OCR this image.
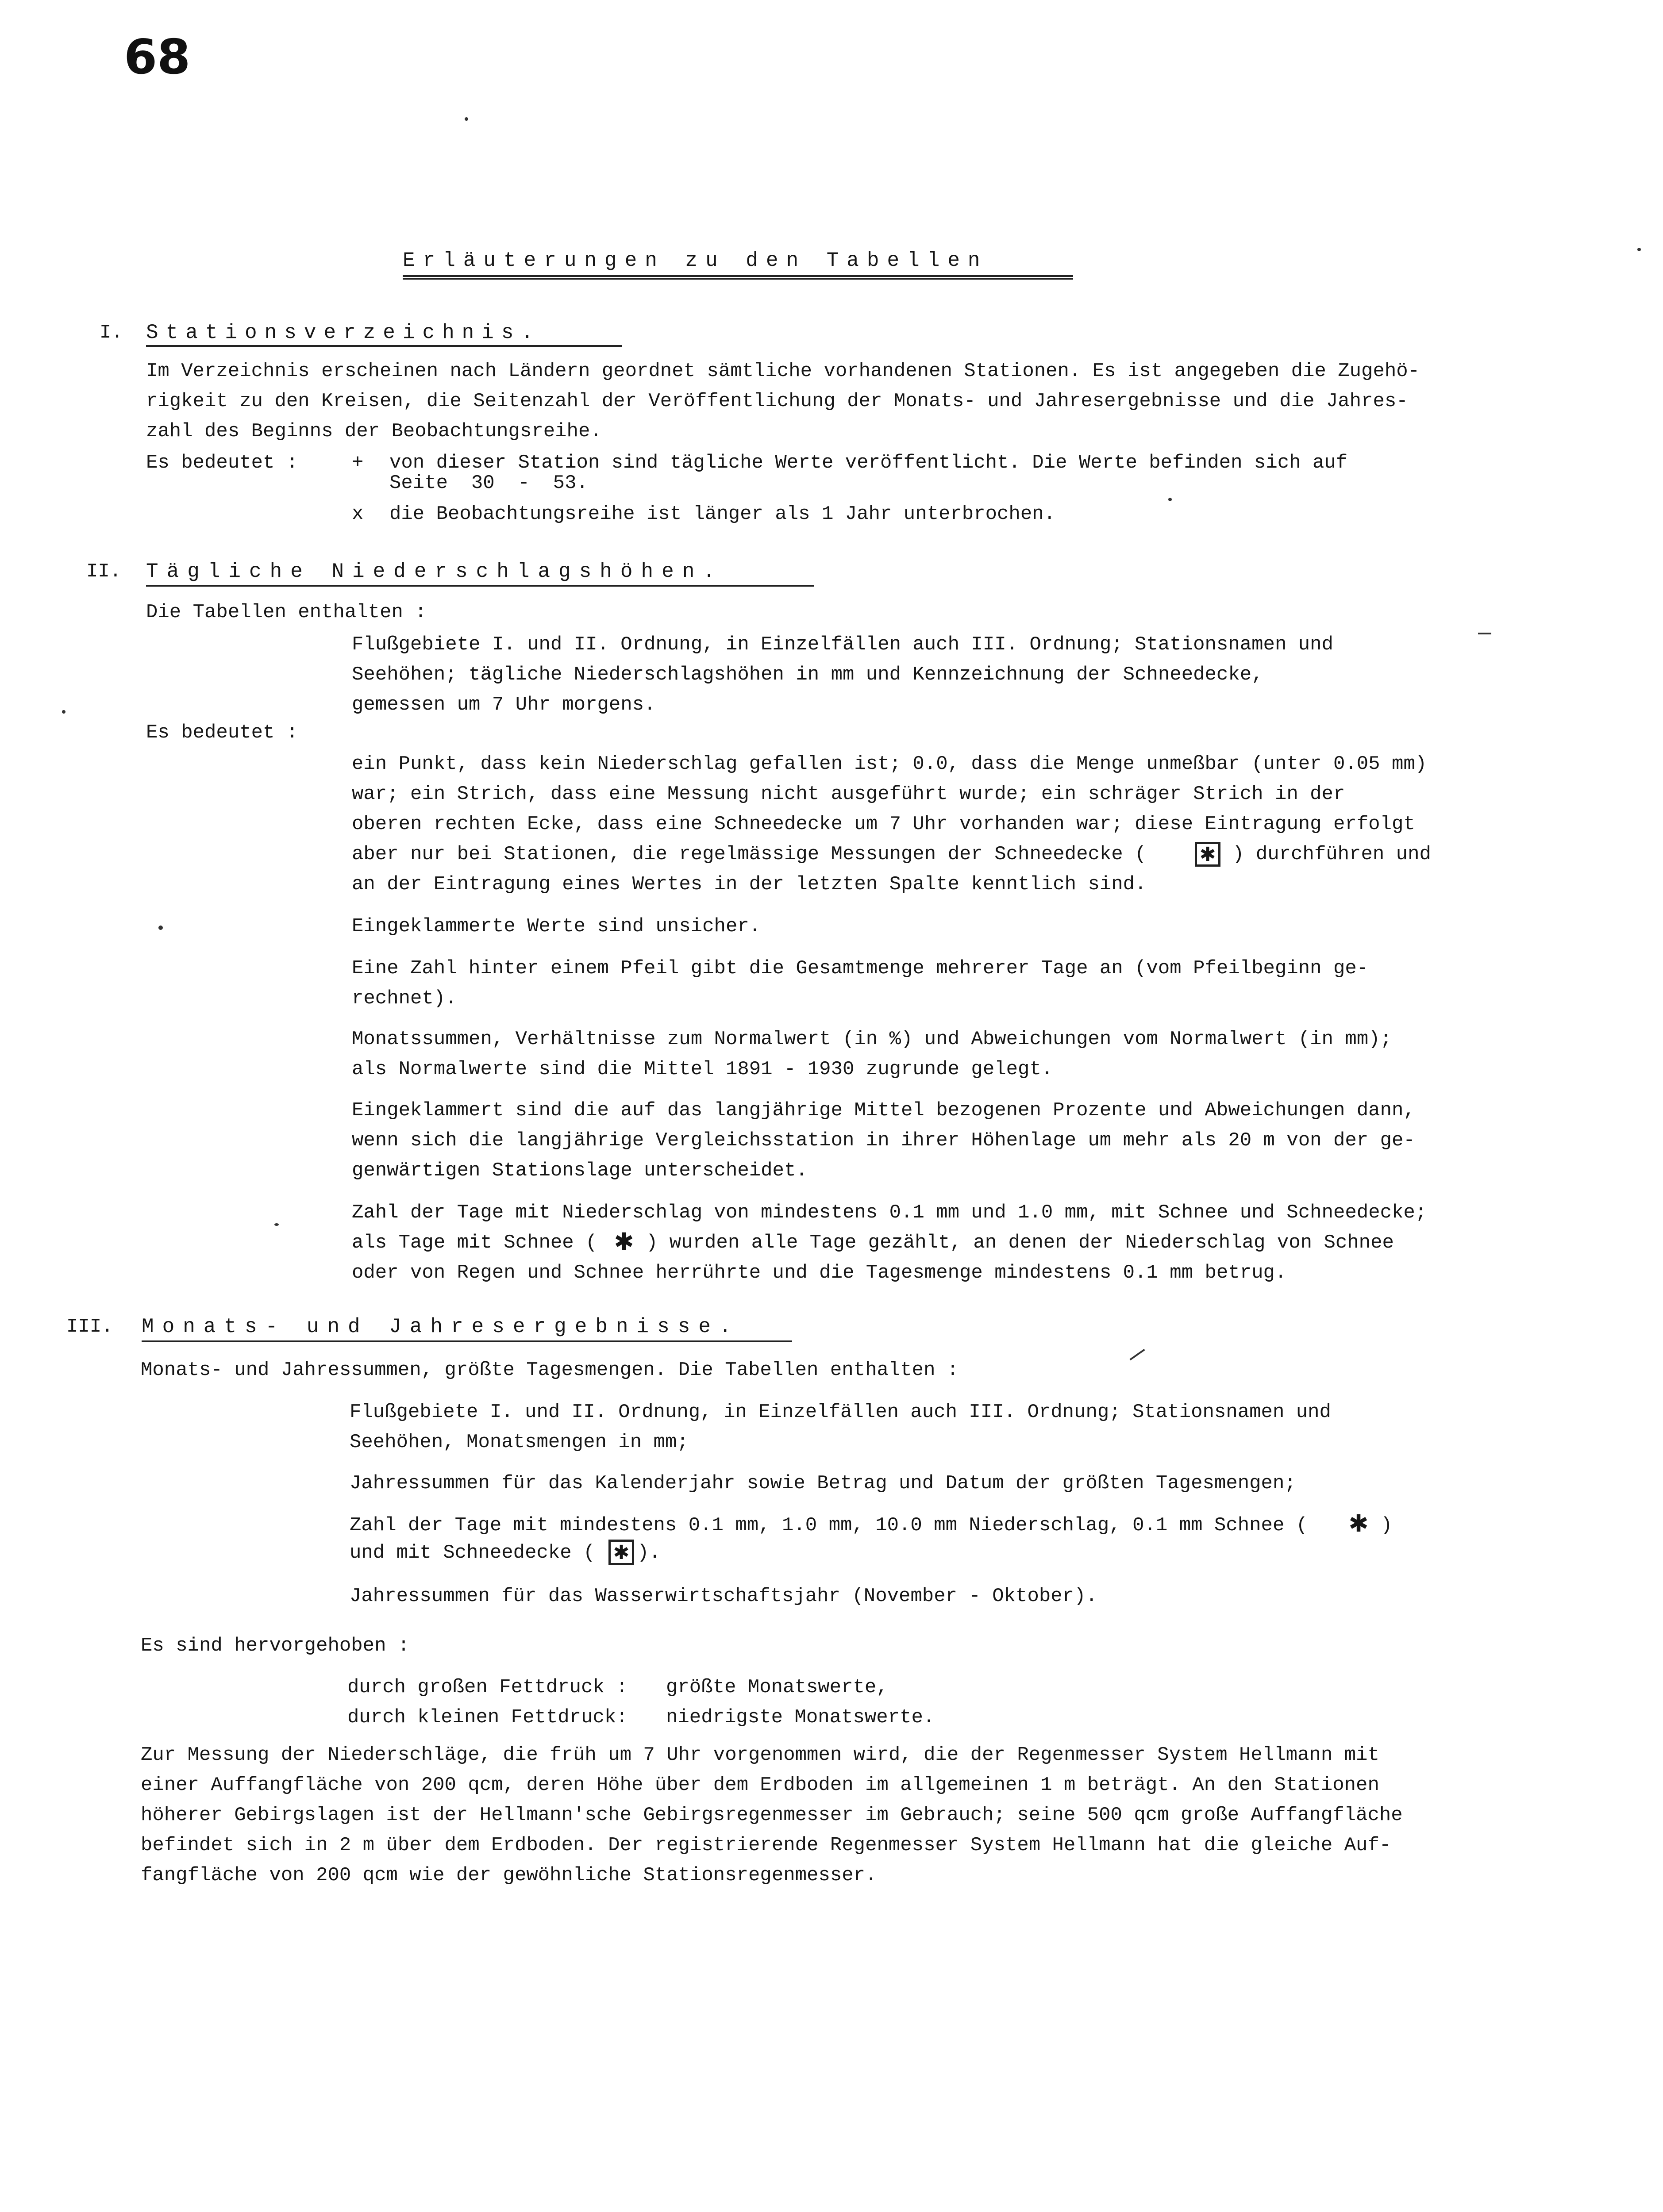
68
Erläuterungen zu den Tabellen
I. Stationsverzeichnis.
Im Verzeichnis erscheinen nach Ländern geordnet sämtliche vorhandenen Stationen. Es ist angegeben die Zugehö-
rigkeit zu den Kreisen, die Seitenzahl der Veröffentlichung der Monats- und Jahresergebnisse und die Jahres-
zahl des Beginns der Beobachtungsreihe.
Es bedeutet :	+ von dieser Station sind tägliche Werte veröffentlicht. Die Werte befinden sich auf
Seite  30  -  53.
x die Beobachtungsreihe ist länger als 1 Jahr unterbrochen.
II. Tägliche Niederschlagshöhen.
Die Tabellen enthalten :
Flußgebiete I. und II. Ordnung, in Einzelfällen auch III. Ordnung; Stationsnamen und
Seehöhen; tägliche Niederschlagshöhen in mm und Kennzeichnung der Schneedecke,
gemessen um 7 Uhr morgens.
Es bedeutet :
ein Punkt, dass kein Niederschlag gefallen ist; 0.0, dass die Menge unmeßbar (unter 0.05 mm)
war; ein Strich, dass eine Messung nicht ausgeführt wurde; ein schräger Strich in der
oberen rechten Ecke, dass eine Schneedecke um 7 Uhr vorhanden war; diese Eintragung erfolgt
aber nur bei Stationen, die regelmässige Messungen der Schneedecke (	✱ ) durchführen und
an der Eintragung eines Wertes in der letzten Spalte kenntlich sind.
Eingeklammerte Werte sind unsicher.
Eine Zahl hinter einem Pfeil gibt die Gesamtmenge mehrerer Tage an (vom Pfeilbeginn ge-
rechnet).
Monatssummen, Verhältnisse zum Normalwert (in %) und Abweichungen vom Normalwert (in mm);
als Normalwerte sind die Mittel 1891 - 1930 zugrunde gelegt.
Eingeklammert sind die auf das langjährige Mittel bezogenen Prozente und Abweichungen dann,
wenn sich die langjährige Vergleichsstation in ihrer Höhenlage um mehr als 20 m von der ge-
genwärtigen Stationslage unterscheidet.
Zahl der Tage mit Niederschlag von mindestens 0.1 mm und 1.0 mm, mit Schnee und Schneedecke;
als Tage mit Schnee ( ✱ ) wurden alle Tage gezählt, an denen der Niederschlag von Schnee
oder von Regen und Schnee herrührte und die Tagesmenge mindestens 0.1 mm betrug.
III. Monats- und Jahresergebnisse.
Monats- und Jahressummen, größte Tagesmengen. Die Tabellen enthalten :
Flußgebiete I. und II. Ordnung, in Einzelfällen auch III. Ordnung; Stationsnamen und
Seehöhen, Monatsmengen in mm;
Jahressummen für das Kalenderjahr sowie Betrag und Datum der größten Tagesmengen;
Zahl der Tage mit mindestens 0.1 mm, 1.0 mm, 10.0 mm Niederschlag, 0.1 mm Schnee ( ✱ )
und mit Schneedecke ( ✱ ).
Jahressummen für das Wasserwirtschaftsjahr (November - Oktober).
Es sind hervorgehoben :
durch großen Fettdruck : größte Monatswerte,
durch kleinen Fettdruck: niedrigste Monatswerte.
Zur Messung der Niederschläge, die früh um 7 Uhr vorgenommen wird, die der Regenmesser System Hellmann mit
einer Auffangfläche von 200 qcm, deren Höhe über dem Erdboden im allgemeinen 1 m beträgt. An den Stationen
höherer Gebirgslagen ist der Hellmann'sche Gebirgsregenmesser im Gebrauch; seine 500 qcm große Auffangfläche
befindet sich in 2 m über dem Erdboden. Der registrierende Regenmesser System Hellmann hat die gleiche Auf-
fangfläche von 200 qcm wie der gewöhnliche Stationsregenmesser.
